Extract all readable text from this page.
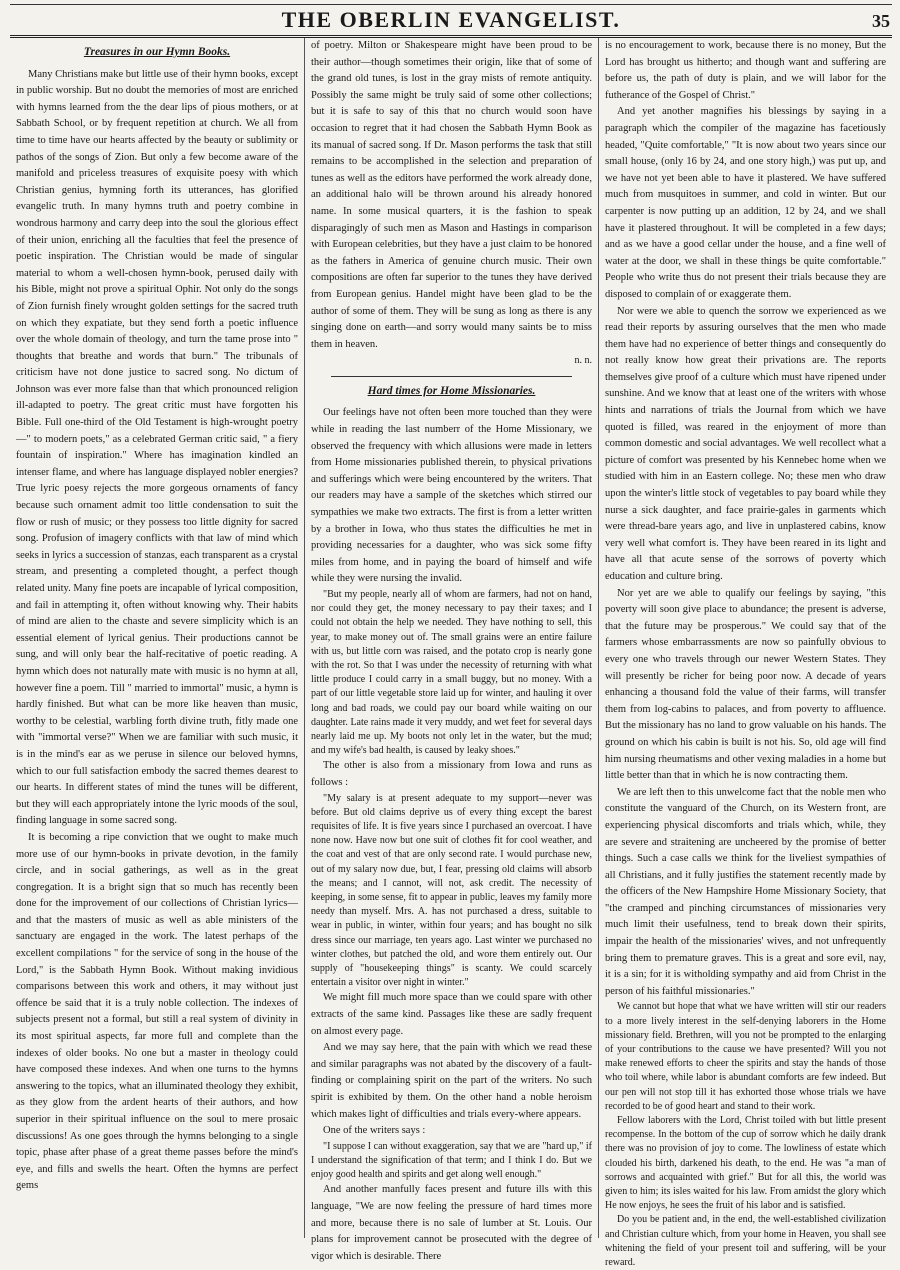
THE OBERLIN EVANGELIST.	35
Treasures in our Hymn Books.

Many Christians make but little use of their hymn books, except in public worship. But no doubt the memories of most are enriched with hymns learned from the the dear lips of pious mothers, or at Sabbath School, or by frequent repetition at church. We all from time to time have our hearts affected by the beauty or sublimity or pathos of the songs of Zion. But only a few become aware of the manifold and priceless treasures of exquisite poesy with which Christian genius, hymning forth its utterances, has glorified evangelic truth. In many hymns truth and poetry combine in wondrous harmony and carry deep into the soul the glorious effect of their union, enriching all the faculties that feel the presence of poetic inspiration. The Christian would be made of singular material to whom a well-chosen hymn-book, perused daily with his Bible, might not prove a spiritual Ophir. Not only do the songs of Zion furnish finely wrought golden settings for the sacred truth on which they expatiate, but they send forth a poetic influence over the whole domain of theology, and turn the tame prose into " thoughts that breathe and words that burn." The tribunals of criticism have not done justice to sacred song. No dictum of Johnson was ever more false than that which pronounced religion ill-adapted to poetry. The great critic must have forgotten his Bible. Full one-third of the Old Testament is high-wrought poetry—" to modern poets," as a celebrated German critic said, " a fiery fountain of inspiration." Where has imagination kindled an intenser flame, and where has language displayed nobler energies? True lyric poesy rejects the more gorgeous ornaments of fancy because such ornament admit too little condensation to suit the flow or rush of music; or they possess too little dignity for sacred song. Profusion of imagery conflicts with that law of mind which seeks in lyrics a succession of stanzas, each transparent as a crystal stream, and presenting a completed thought, a perfect though related unity. Many fine poets are incapable of lyrical composition, and fail in attempting it, often without knowing why. Their habits of mind are alien to the chaste and severe simplicity which is an essential element of lyrical genius. Their productions cannot be sung, and will only bear the half-recitative of poetic reading. A hymn which does not naturally mate with music is no hymn at all, however fine a poem. Till " married to immortal" music, a hymn is hardly finished. But what can be more like heaven than music, worthy to be celestial, warbling forth divine truth, fitly made one with "immortal verse?" When we are familiar with such music, it is in the mind's ear as we peruse in silence our beloved hymns, which to our full satisfaction embody the sacred themes dearest to our hearts. In different states of mind the tunes will be different, but they will each appropriately intone the lyric moods of the soul, finding language in some sacred song.

It is becoming a ripe conviction that we ought to make much more use of our hymn-books in private devotion, in the family circle, and in social gatherings, as well as in the great congregation. It is a bright sign that so much has recently been done for the improvement of our collections of Christian lyrics—and that the masters of music as well as able ministers of the sanctuary are engaged in the work. The latest perhaps of the excellent compilations " for the service of song in the house of the Lord," is the Sabbath Hymn Book. Without making invidious comparisons between this work and others, it may without just offence be said that it is a truly noble collection. The indexes of subjects present not a formal, but still a real system of divinity in its most spiritual aspects, far more full and complete than the indexes of older books. No one but a master in theology could have composed these indexes. And when one turns to the hymns answering to the topics, what an illuminated theology they exhibit, as they glow from the ardent hearts of their authors, and how superior in their spiritual influence on the soul to mere prosaic discussions! As one goes through the hymns belonging to a single topic, phase after phase of a great theme passes before the mind's eye, and fills and swells the heart. Often the hymns are perfect gems

of poetry. Milton or Shakespeare might have been proud to be their author—though sometimes their origin, like that of some of the grand old tunes, is lost in the gray mists of remote antiquity. Possibly the same might be truly said of some other collections; but it is safe to say of this that no church would soon have occasion to regret that it had chosen the Sabbath Hymn Book as its manual of sacred song. If Dr. Mason performs the task that still remains to be accomplished in the selection and preparation of tunes as well as the editors have performed the work already done, an additional halo will be thrown around his already honored name. In some musical quarters, it is the fashion to speak disparagingly of such men as Mason and Hastings in comparison with European celebrities, but they have a just claim to be honored as the fathers in America of genuine church music. Their own compositions are often far superior to the tunes they have derived from European genius. Handel might have been glad to be the author of some of them. They will be sung as long as there is any singing done on earth—and sorry would many saints be to miss them in heaven.

n. n.

Hard times for Home Missionaries.

Our feelings have not often been more touched than they were while in reading the last numberr of the Home Missionary, we observed the frequency with which allusions were made in letters from Home missionaries published therein, to physical privations and sufferings which were being encountered by the writers. That our readers may have a sample of the sketches which stirred our sympathies we make two extracts. The first is from a letter written by a brother in Iowa, who thus states the difficulties he met in providing necessaries for a daughter, who was sick some fifty miles from home, and in paying the board of himself and wife while they were nursing the invalid.

"But my people, nearly all of whom are farmers, had not on hand, nor could they get, the money necessary to pay their taxes; and I could not obtain the help we needed. They have nothing to sell, this year, to make money out of. The small grains were an entire failure with us, but little corn was raised, and the potato crop is nearly gone with the rot. So that I was under the necessity of returning with what little produce I could carry in a small buggy, but no money. With a part of our little vegetable store laid up for winter, and hauling it over long and bad roads, we could pay our board while waiting on our daughter. Late rains made it very muddy, and wet feet for several days nearly laid me up. My boots not only let in the water, but the mud; and my wife's bad health, is caused by leaky shoes."

The other is also from a missionary from Iowa and runs as follows :

"My salary is at present adequate to my support—never was before. But old claims deprive us of every thing except the barest requisites of life. It is five years since I purchased an overcoat. I have none now. Have now but one suit of clothes fit for cool weather, and the coat and vest of that are only second rate. I would purchase new, out of my salary now due, but, I fear, pressing old claims will absorb the means; and I cannot, will not, ask credit. The necessity of keeping, in some sense, fit to appear in public, leaves my family more needy than myself. Mrs. A. has not purchased a dress, suitable to wear in public, in winter, within four years; and has bought no silk dress since our marriage, ten years ago. Last winter we purchased no winter clothes, but patched the old, and wore them entirely out. Our supply of "housekeeping things" is scanty. We could scarcely entertain a visitor over night in winter."

We might fill much more space than we could spare with other extracts of the same kind. Passages like these are sadly frequent on almost every page.

And we may say here, that the pain with which we read these and similar paragraphs was not abated by the discovery of a fault-finding or complaining spirit on the part of the writers. No such spirit is exhibited by them. On the other hand a noble heroism which makes light of difficulties and trials every-where appears.

One of the writers says :

"I suppose I can without exaggeration, say that we are "hard up," if I understand the signification of that term; and I think I do. But we enjoy good health and spirits and get along well enough."

And another manfully faces present and future ills with this language, "We are now feeling the pressure of hard times more and more, because there is no sale of lumber at St. Louis. Our plans for improvement cannot be prosecuted with the degree of vigor which is desirable. There

is no encouragement to work, because there is no money, But the Lord has brought us hitherto; and though want and suffering are before us, the path of duty is plain, and we will labor for the futherance of the Gospel of Christ."

And yet another magnifies his blessings by saying in a paragraph which the compiler of the magazine has facetiously headed, "Quite comfortable," "It is now about two years since our small house, (only 16 by 24, and one story high,) was put up, and we have not yet been able to have it plastered. We have suffered much from musquitoes in summer, and cold in winter. But our carpenter is now putting up an addition, 12 by 24, and we shall have it plastered throughout. It will be completed in a few days; and as we have a good cellar under the house, and a fine well of water at the door, we shall in these things be quite comfortable." People who write thus do not present their trials because they are disposed to complain of or exaggerate them.

Nor were we able to quench the sorrow we experienced as we read their reports by assuring ourselves that the men who made them have had no experience of better things and consequently do not really know how great their privations are. The reports themselves give proof of a culture which must have ripened under sunshine. And we know that at least one of the writers with whose hints and narrations of trials the Journal from which we have quoted is filled, was reared in the enjoyment of more than common domestic and social advantages. We well recollect what a picture of comfort was presented by his Kennebec home when we studied with him in an Eastern college. No; these men who draw upon the winter's little stock of vegetables to pay board while they nurse a sick daughter, and face prairie-gales in garments which were thread-bare years ago, and live in unplastered cabins, know very well what comfort is. They have been reared in its light and have all that acute sense of the sorrows of poverty which education and culture bring.

Nor yet are we able to qualify our feelings by saying, "this poverty will soon give place to abundance; the present is adverse, that the future may be prosperous." We could say that of the farmers whose embarrassments are now so painfully obvious to every one who travels through our newer Western States. They will presently be richer for being poor now. A decade of years enhancing a thousand fold the value of their farms, will transfer them from log-cabins to palaces, and from poverty to affluence. But the missionary has no land to grow valuable on his hands. The ground on which his cabin is built is not his. So, old age will find him nursing rheumatisms and other vexing maladies in a home but little better than that in which he is now contracting them.

We are left then to this unwelcome fact that the noble men who constitute the vanguard of the Church, on its Western front, are experiencing physical discomforts and trials which, while, they are severe and straitening are uncheered by the promise of better things. Such a case calls we think for the liveliest sympathies of all Christians, and it fully justifies the statement recently made by the officers of the New Hampshire Home Missionary Society, that "the cramped and pinching circumstances of missionaries very much limit their usefulness, tend to break down their spirits, impair the health of the missionaries' wives, and not unfrequently bring them to premature graves. This is a great and sore evil, nay, it is a sin; for it is witholding sympathy and aid from Christ in the person of his faithful missionaries."

We cannot but hope that what we have written will stir our readers to a more lively interest in the self-denying laborers in the Home missionary field. Brethren, will you not be prompted to the enlarging of your contributions to the cause we have presented? Will you not make renewed efforts to cheer the spirits and stay the hands of those who toil where, while labor is abundant comforts are few indeed. But our pen will not stop till it has exhorted those whose trials we have recorded to be of good heart and stand to their work.

Fellow laborers with the Lord, Christ toiled with but little present recompense. In the bottom of the cup of sorrow which he daily drank there was no provision of joy to come. The lowliness of estate which clouded his birth, darkened his death, to the end. He was "a man of sorrows and acquainted with grief." But for all this, the world was given to him; its isles waited for his law. From amidst the glory which He now enjoys, he sees the fruit of his labor and is satisfied.

Do you be patient and, in the end, the well-established civilization and Christian culture which, from your home in Heaven, you shall see whitening the field of your present toil and suffering, will be your reward.
